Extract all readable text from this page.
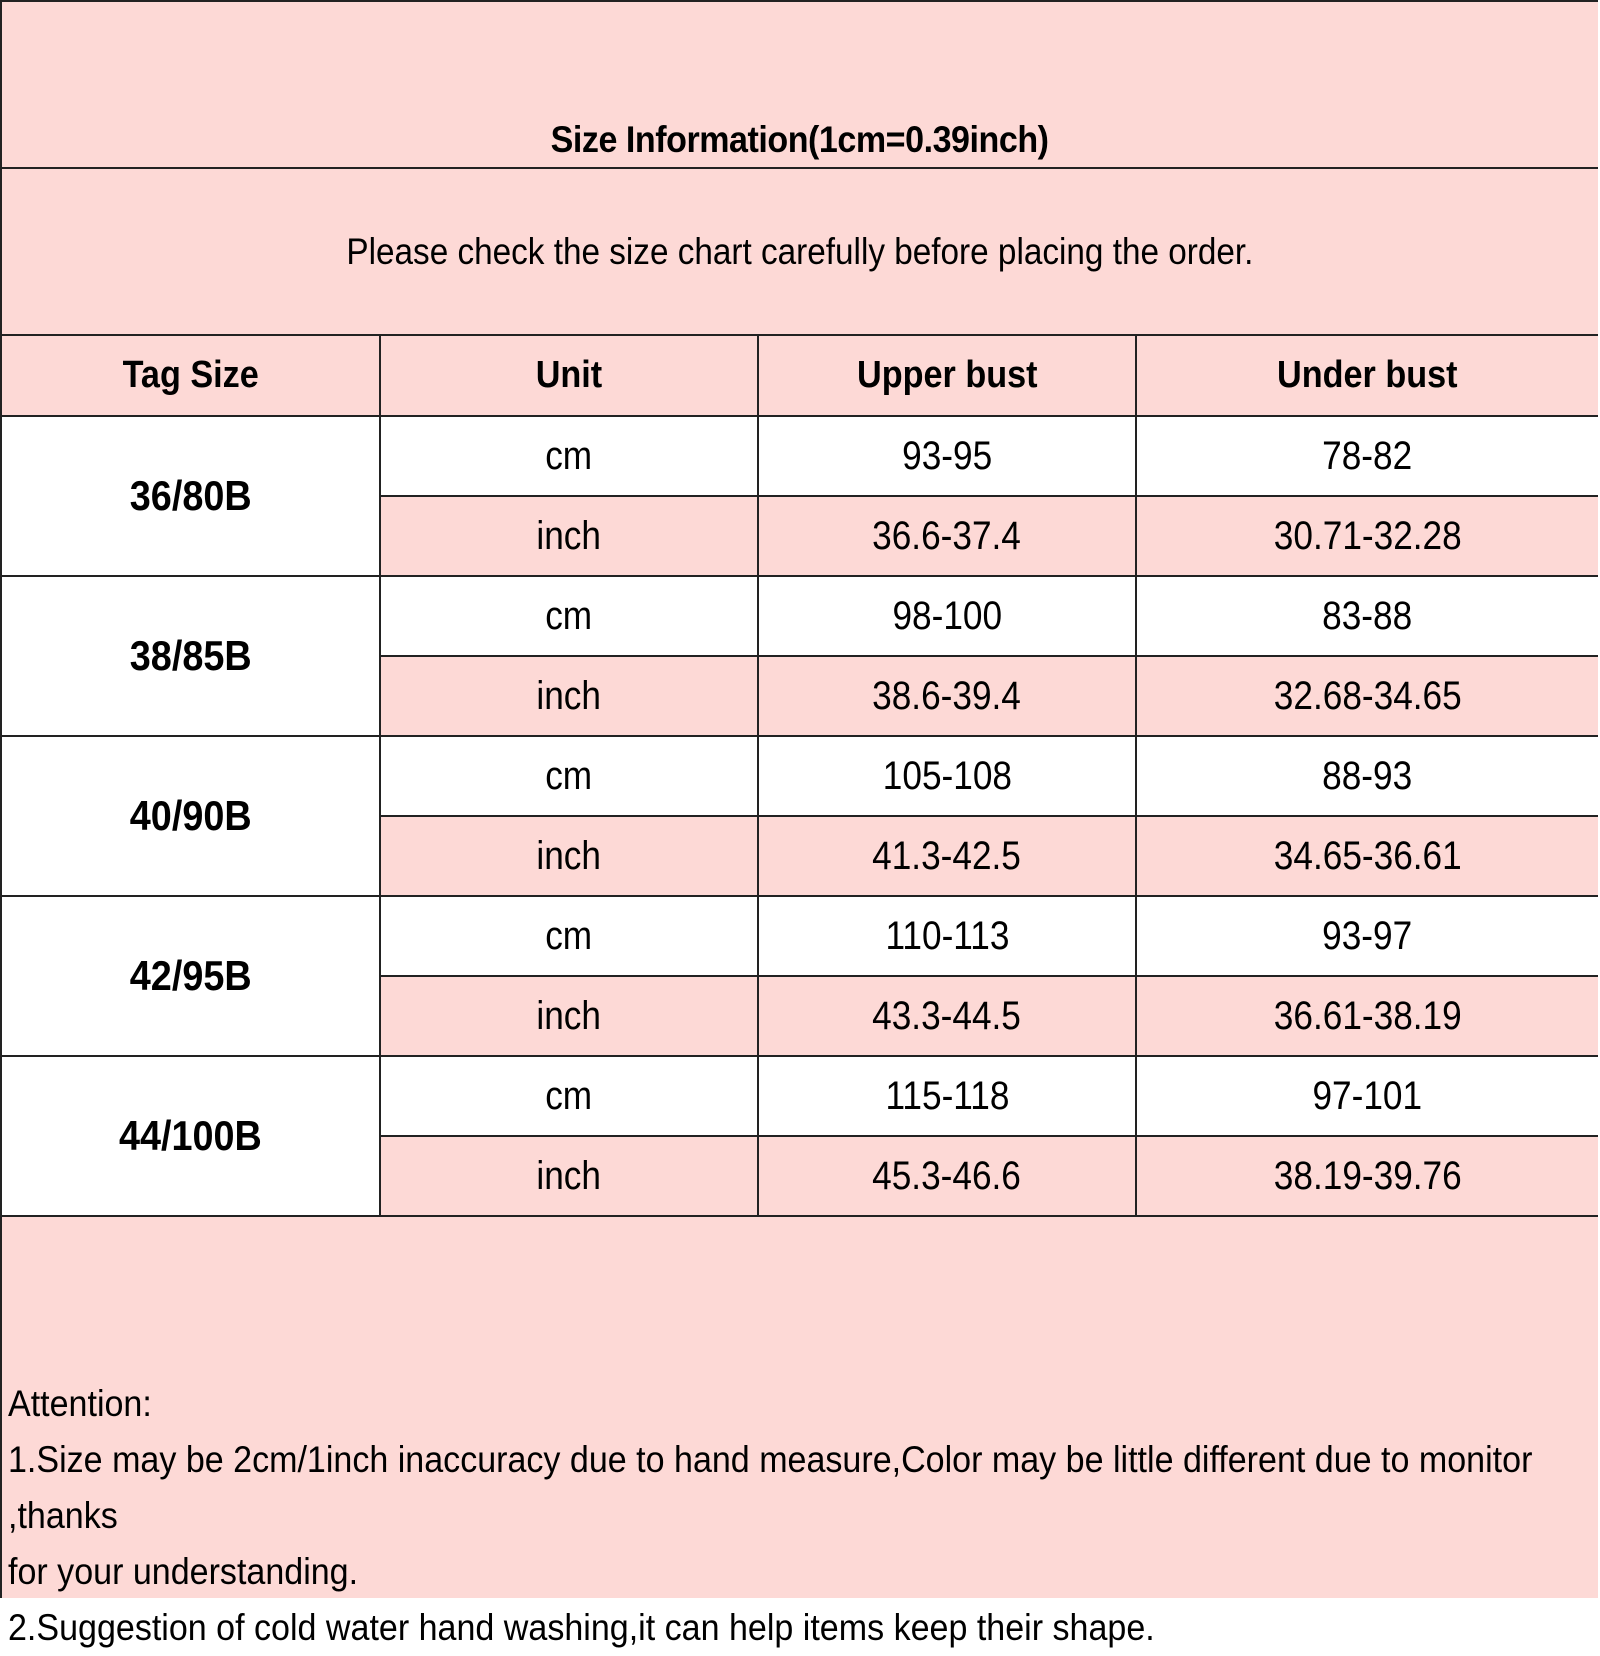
Size Information(1cm=0.39inch)
Please check the size chart carefully before placing the order.
Tag Size	Unit	Upper bust	Under bust
36/80B	cm	93-95	78-82
	inch	36.6-37.4	30.71-32.28
38/85B	cm	98-100	83-88
	inch	38.6-39.4	32.68-34.65
40/90B	cm	105-108	88-93
	inch	41.3-42.5	34.65-36.61
42/95B	cm	110-113	93-97
	inch	43.3-44.5	36.61-38.19
44/100B	cm	115-118	97-101
	inch	45.3-46.6	38.19-39.76

Attention:

1.Size may be 2cm/1inch inaccuracy due to hand measure,Color may be little different due to monitor ,thanks

for your understanding.

2.Suggestion of cold water hand washing,it can help items keep their shape.
